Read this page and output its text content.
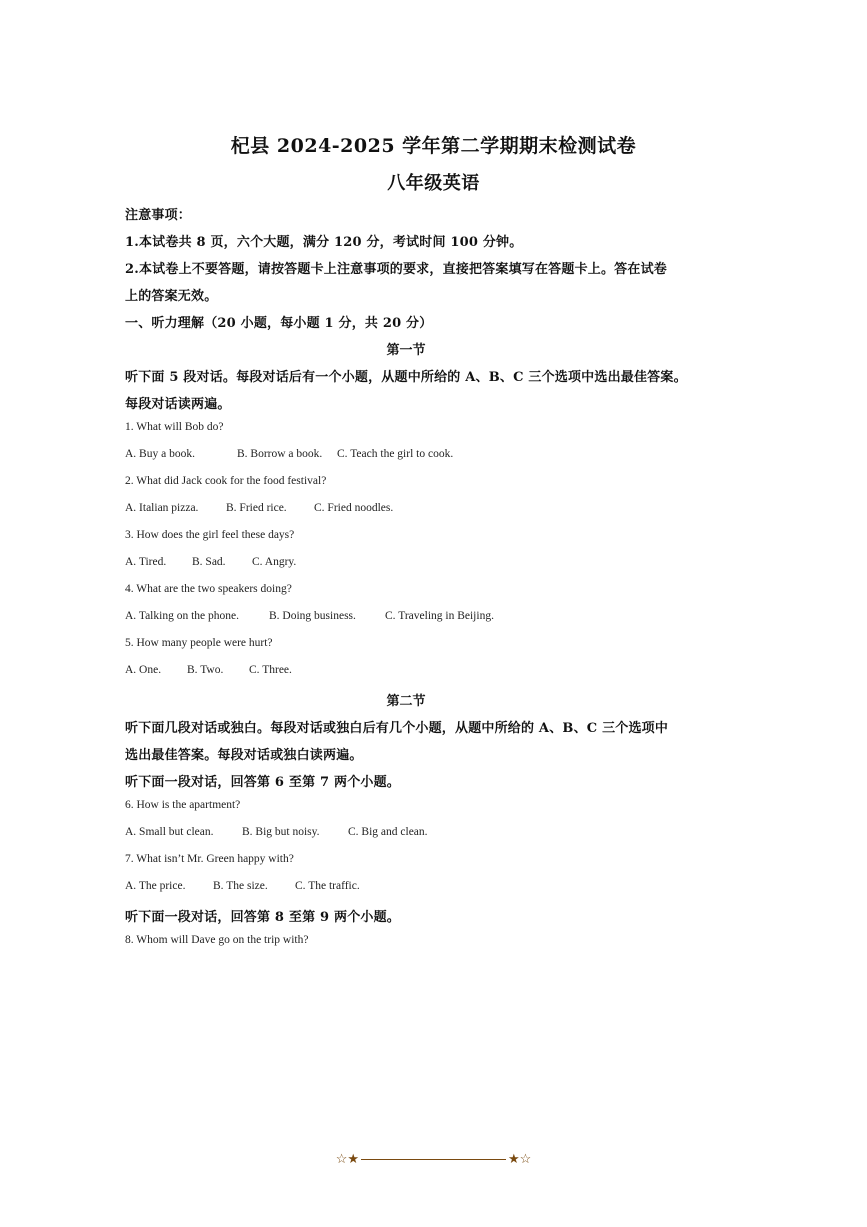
杞县 2024-2025 学年第二学期期末检测试卷
八年级英语
注意事项：
1.本试卷共 8 页，六个大题，满分 120 分，考试时间 100 分钟。
2.本试卷上不要答题，请按答题卡上注意事项的要求，直接把答案填写在答题卡上。答在试卷
上的答案无效。
一、听力理解（20 小题，每小题 1 分，共 20 分）
第一节
听下面 5 段对话。每段对话后有一个小题，从题中所给的 A、B、C 三个选项中选出最佳答案。
每段对话读两遍。
1. What will Bob do?
A. Buy a book.	B. Borrow a book. C. Teach the girl to cook.
2. What did Jack cook for the food festival?
A. Italian pizza. B. Fried rice. C. Fried noodles.
3. How does the girl feel these days?
A. Tired. B. Sad. C. Angry.
4. What are the two speakers doing?
A. Talking on the phone.	B. Doing business.	C. Traveling in Beijing.
5. How many people were hurt?
A. One. B. Two. C. Three.
第二节
听下面几段对话或独白。每段对话或独白后有几个小题，从题中所给的 A、B、C 三个选项中
选出最佳答案。每段对话或独白读两遍。
听下面一段对话，回答第 6 至第 7 两个小题。
6. How is the apartment?
A. Small but clean. B. Big but noisy. C. Big and clean.
7. What isn’t Mr. Green happy with?
A. The price. B. The size. C. The traffic.
听下面一段对话，回答第 8 至第 9 两个小题。
8. Whom will Dave go on the trip with?
☆★	★☆
